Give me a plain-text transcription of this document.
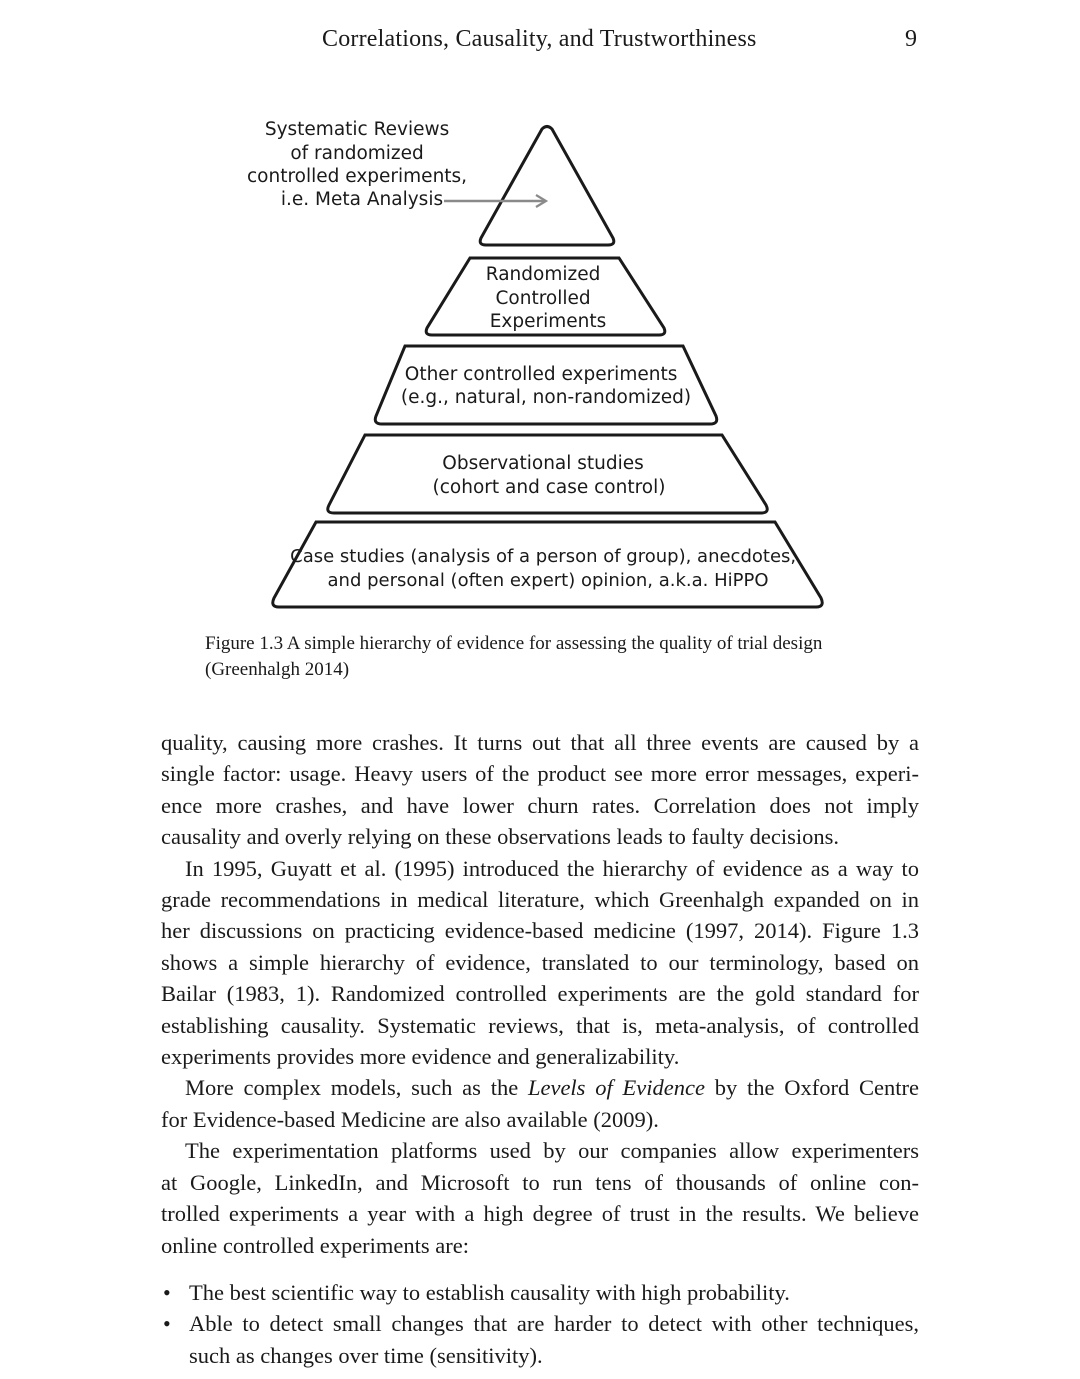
Correlations, Causality, and Trustworthiness	9
Randomized Controlled Experiments
Other controlled experiments (e.g., natural, non-randomized)
Observational studies (cohort and case control)
Case studies (analysis of a person of group), anecdotes, and personal (often expert) opinion, a.k.a. HiPPO
Systematic Reviews of randomized controlled experiments, i.e. Meta Analysis
Figure 1.3 A simple hierarchy of evidence for assessing the quality of trial design
(Greenhalgh 2014)
quality, causing more crashes. It turns out that all three events are caused by a
single factor: usage. Heavy users of the product see more error messages, experi-
ence more crashes, and have lower churn rates. Correlation does not imply
causality and overly relying on these observations leads to faulty decisions.
In 1995, Guyatt et al. (1995) introduced the hierarchy of evidence as a way to
grade recommendations in medical literature, which Greenhalgh expanded on in
her discussions on practicing evidence-based medicine (1997, 2014). Figure 1.3
shows a simple hierarchy of evidence, translated to our terminology, based on
Bailar (1983, 1). Randomized controlled experiments are the gold standard for
establishing causality. Systematic reviews, that is, meta-analysis, of controlled
experiments provides more evidence and generalizability.
More complex models, such as the Levels of Evidence by the Oxford Centre
for Evidence-based Medicine are also available (2009).
The experimentation platforms used by our companies allow experimenters
at Google, LinkedIn, and Microsoft to run tens of thousands of online con-
trolled experiments a year with a high degree of trust in the results. We believe
online controlled experiments are:
• The best scientific way to establish causality with high probability.
• Able to detect small changes that are harder to detect with other techniques,
such as changes over time (sensitivity).
